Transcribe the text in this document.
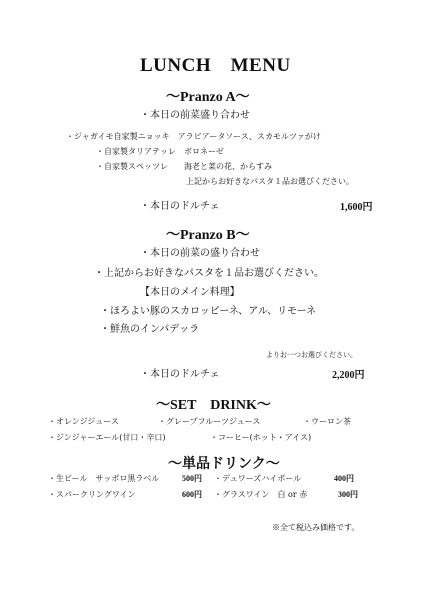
LUNCH　MENU
～Pranzo A～
・本日の前菜盛り合わせ
・ジャガイモ自家製ニョッキ　アラビアータソース、スカモルツァがけ
・自家製タリアテッレ　ボロネーゼ
・自家製スペッツレ　　海老と菜の花、からすみ
上記からお好きなパスタ１品お選びください。
・本日のドルチェ	1,600円
～Pranzo B～
・本日の前菜の盛り合わせ
・上記からお好きなパスタを１品お選びください。
【本日のメイン料理】
・ほろよい豚のスカロッピーネ、アル、リモーネ
・鮮魚のインパデッラ
よりお一つお選びください。
・本日のドルチェ	2,200円
～SET　DRINK～
・オレンジジュース	・グレープフルーツジュース	・ウーロン茶
・ジンジャーエール(甘口・辛口)	・コーヒー(ホット・アイス)
～単品ドリンク～
・生ビール　サッポロ黒ラベル	500円 ・デュワーズハイボール	400円
・スパークリングワイン	600円 ・グラスワイン　白 or 赤	300円
※全て税込み価格です。
